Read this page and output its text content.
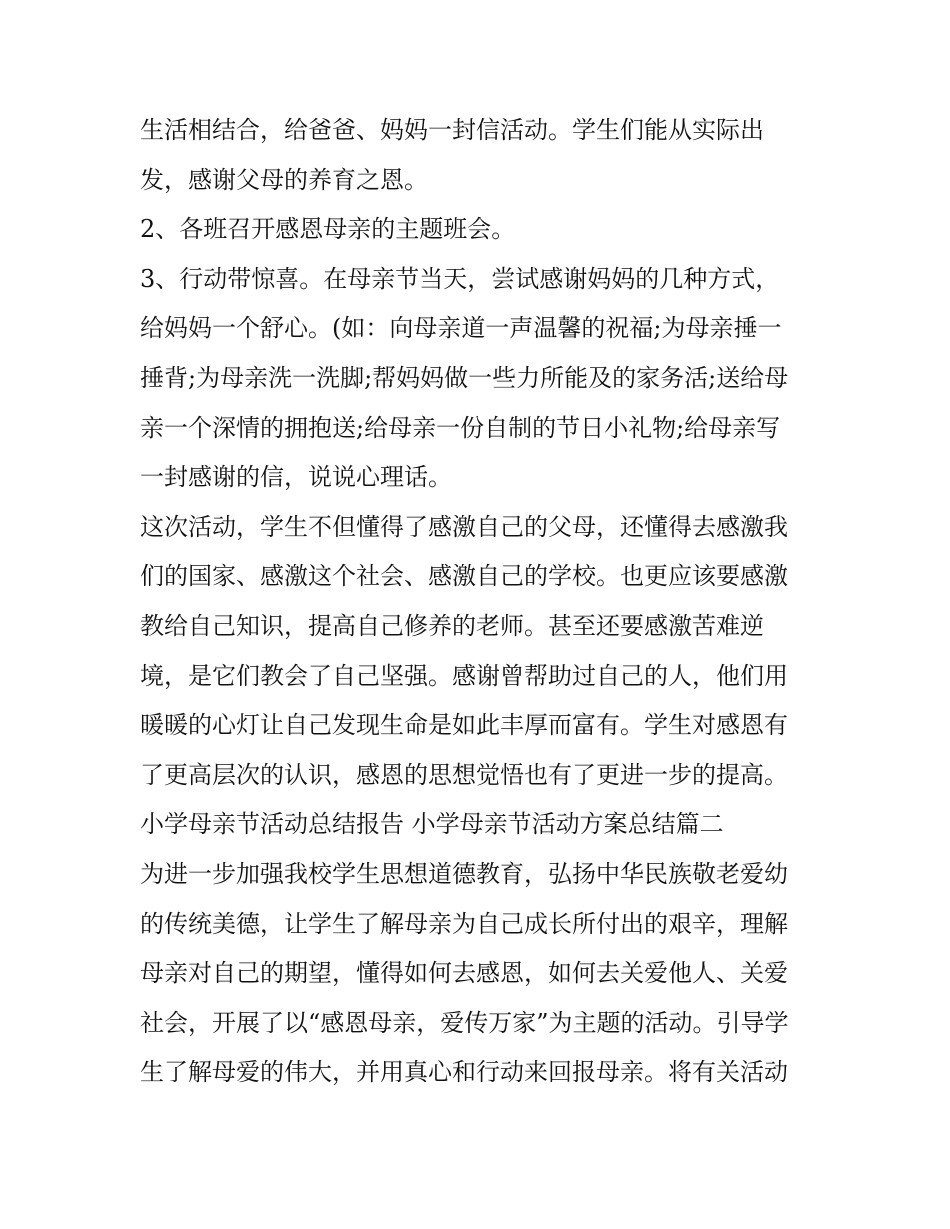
生活相结合，给爸爸、妈妈一封信活动。学生们能从实际出
发，感谢父母的养育之恩。
2、各班召开感恩母亲的主题班会。
3、行动带惊喜。在母亲节当天，尝试感谢妈妈的几种方式，
给妈妈一个舒心。(如：向母亲道一声温馨的祝福;为母亲捶一
捶背;为母亲洗一洗脚;帮妈妈做一些力所能及的家务活;送给母
亲一个深情的拥抱送;给母亲一份自制的节日小礼物;给母亲写
一封感谢的信，说说心理话。
这次活动，学生不但懂得了感激自己的父母，还懂得去感激我
们的国家、感激这个社会、感激自己的学校。也更应该要感激
教给自己知识，提高自己修养的老师。甚至还要感激苦难逆
境，是它们教会了自己坚强。感谢曾帮助过自己的人，他们用
暖暖的心灯让自己发现生命是如此丰厚而富有。学生对感恩有
了更高层次的认识，感恩的思想觉悟也有了更进一步的提高。
小学母亲节活动总结报告 小学母亲节活动方案总结篇二
为进一步加强我校学生思想道德教育，弘扬中华民族敬老爱幼
的传统美德，让学生了解母亲为自己成长所付出的艰辛，理解
母亲对自己的期望，懂得如何去感恩，如何去关爱他人、关爱
社会，开展了以“感恩母亲，爱传万家”为主题的活动。引导学
生了解母爱的伟大，并用真心和行动来回报母亲。将有关活动
